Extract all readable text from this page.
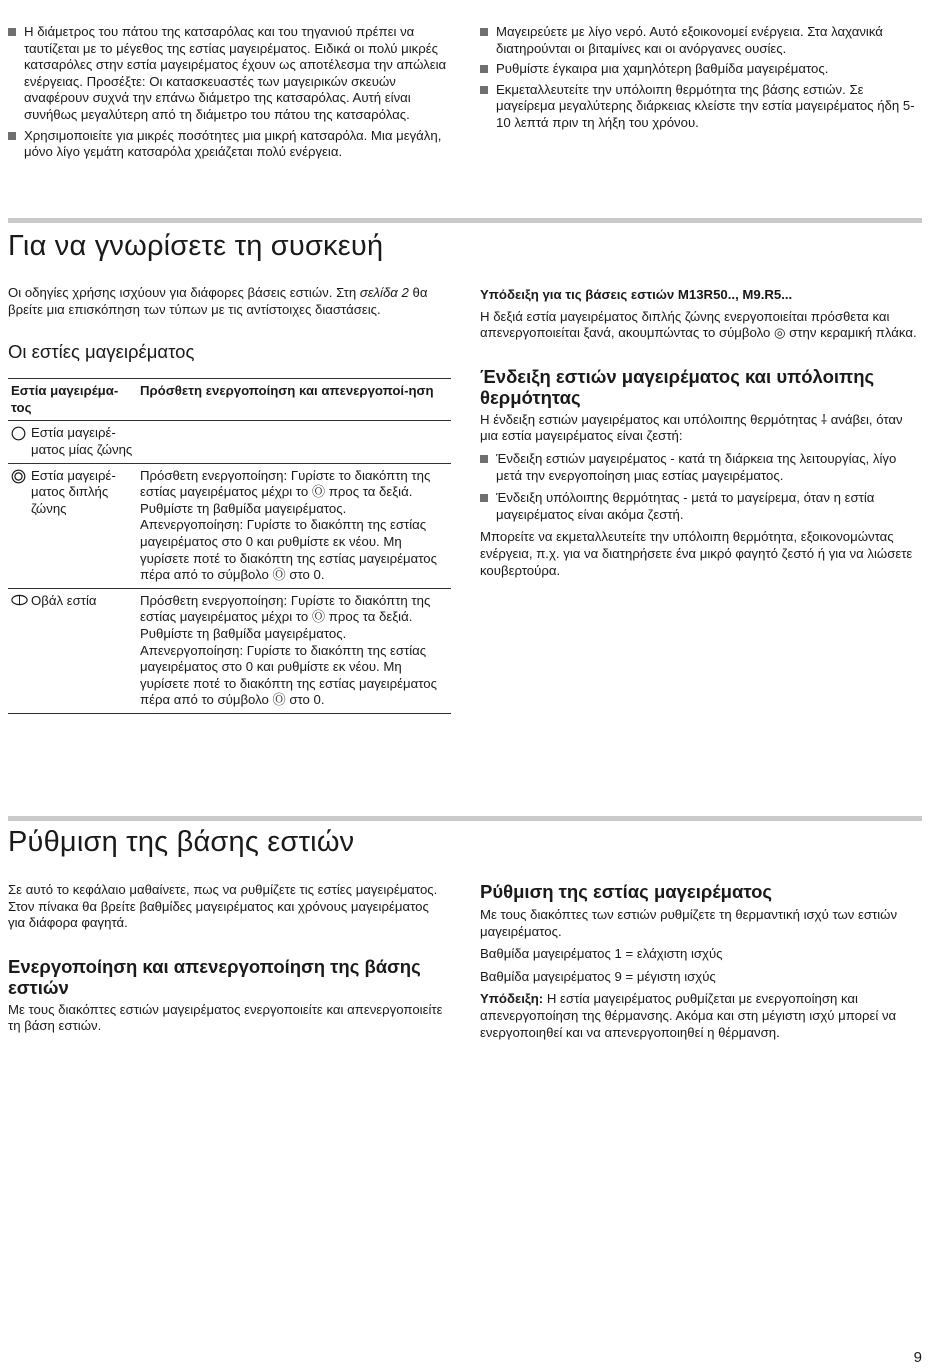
Η διάμετρος του πάτου της κατσαρόλας και του τηγανιού πρέπει να ταυτίζεται με το μέγεθος της εστίας μαγειρέματος. Ειδικά οι πολύ μικρές κατσαρόλες στην εστία μαγειρέματος έχουν ως αποτέλεσμα την απώλεια ενέργειας. Προσέξτε: Οι κατασκευαστές των μαγειρικών σκευών αναφέρουν συχνά την επάνω διάμετρο της κατσαρόλας. Αυτή είναι συνήθως μεγαλύτερη από τη διάμετρο του πάτου της κατσαρόλας.
Χρησιμοποιείτε για μικρές ποσότητες μια μικρή κατσαρόλα. Μια μεγάλη, μόνο λίγο γεμάτη κατσαρόλα χρειάζεται πολύ ενέργεια.
Μαγειρεύετε με λίγο νερό. Αυτό εξοικονομεί ενέργεια. Στα λαχανικά διατηρούνται οι βιταμίνες και οι ανόργανες ουσίες.
Ρυθμίστε έγκαιρα μια χαμηλότερη βαθμίδα μαγειρέματος.
Εκμεταλλευτείτε την υπόλοιπη θερμότητα της βάσης εστιών. Σε μαγείρεμα μεγαλύτερης διάρκειας κλείστε την εστία μαγειρέματος ήδη 5-10 λεπτά πριν τη λήξη του χρόνου.
Για να γνωρίσετε τη συσκευή

Οι οδηγίες χρήσης ισχύουν για διάφορες βάσεις εστιών. Στη σελίδα 2 θα βρείτε μια επισκόπηση των τύπων με τις αντίστοιχες διαστάσεις.

Οι εστίες μαγειρέματος
Εστία μαγειρέμα-τος	Πρόσθετη ενεργοποίηση και απενεργοποί-ηση

Εστία μαγειρέ-ματος μίας ζώνης	

Εστία μαγειρέ-ματος διπλής ζώνης	Πρόσθετη ενεργοποίηση: Γυρίστε το διακόπτη της εστίας μαγειρέματος μέχρι το Ⓞ προς τα δεξιά. Ρυθμίστε τη βαθμίδα μαγειρέματος. Απενεργοποίηση: Γυρίστε το διακόπτη της εστίας μαγειρέματος στο 0 και ρυθμίστε εκ νέου. Μη γυρίσετε ποτέ το διακόπτη της εστίας μαγειρέματος πέρα από το σύμβολο Ⓞ στο 0.

Οβάλ εστία	Πρόσθετη ενεργοποίηση: Γυρίστε το διακόπτη της εστίας μαγειρέματος μέχρι το Ⓞ προς τα δεξιά. Ρυθμίστε τη βαθμίδα μαγειρέματος. Απενεργοποίηση: Γυρίστε το διακόπτη της εστίας μαγειρέματος στο 0 και ρυθμίστε εκ νέου. Μη γυρίσετε ποτέ το διακόπτη της εστίας μαγειρέματος πέρα από το σύμβολο Ⓞ στο 0.

Υπόδειξη για τις βάσεις εστιών M13R50.., M9.R5...

Η δεξιά εστία μαγειρέματος διπλής ζώνης ενεργοποιείται πρόσθετα και απενεργοποιείται ξανά, ακουμπώντας το σύμβολο ◎ στην κεραμική πλάκα.

Ένδειξη εστιών μαγειρέματος και υπόλοιπης θερμότητας

Η ένδειξη εστιών μαγειρέματος και υπόλοιπης θερμότητας ⸸ ανάβει, όταν μια εστία μαγειρέματος είναι ζεστή:

Ένδειξη εστιών μαγειρέματος - κατά τη διάρκεια της λειτουργίας, λίγο μετά την ενεργοποίηση μιας εστίας μαγειρέματος.
Ένδειξη υπόλοιπης θερμότητας - μετά το μαγείρεμα, όταν η εστία μαγειρέματος είναι ακόμα ζεστή.

Μπορείτε να εκμεταλλευτείτε την υπόλοιπη θερμότητα, εξοικονομώντας ενέργεια, π.χ. για να διατηρήσετε ένα μικρό φαγητό ζεστό ή για να λιώσετε κουβερτούρα.

Ρύθμιση της βάσης εστιών

Σε αυτό το κεφάλαιο μαθαίνετε, πως να ρυθμίζετε τις εστίες μαγειρέματος. Στον πίνακα θα βρείτε βαθμίδες μαγειρέματος και χρόνους μαγειρέματος για διάφορα φαγητά.

Ενεργοποίηση και απενεργοποίηση της βάσης εστιών

Με τους διακόπτες εστιών μαγειρέματος ενεργοποιείτε και απενεργοποιείτε τη βάση εστιών.

Ρύθμιση της εστίας μαγειρέματος

Με τους διακόπτες των εστιών ρυθμίζετε τη θερμαντική ισχύ των εστιών μαγειρέματος.

Βαθμίδα μαγειρέματος 1 = ελάχιστη ισχύς

Βαθμίδα μαγειρέματος 9 = μέγιστη ισχύς

Υπόδειξη: Η εστία μαγειρέματος ρυθμίζεται με ενεργοποίηση και απενεργοποίηση της θέρμανσης. Ακόμα και στη μέγιστη ισχύ μπορεί να ενεργοποιηθεί και να απενεργοποιηθεί η θέρμανση.

9
